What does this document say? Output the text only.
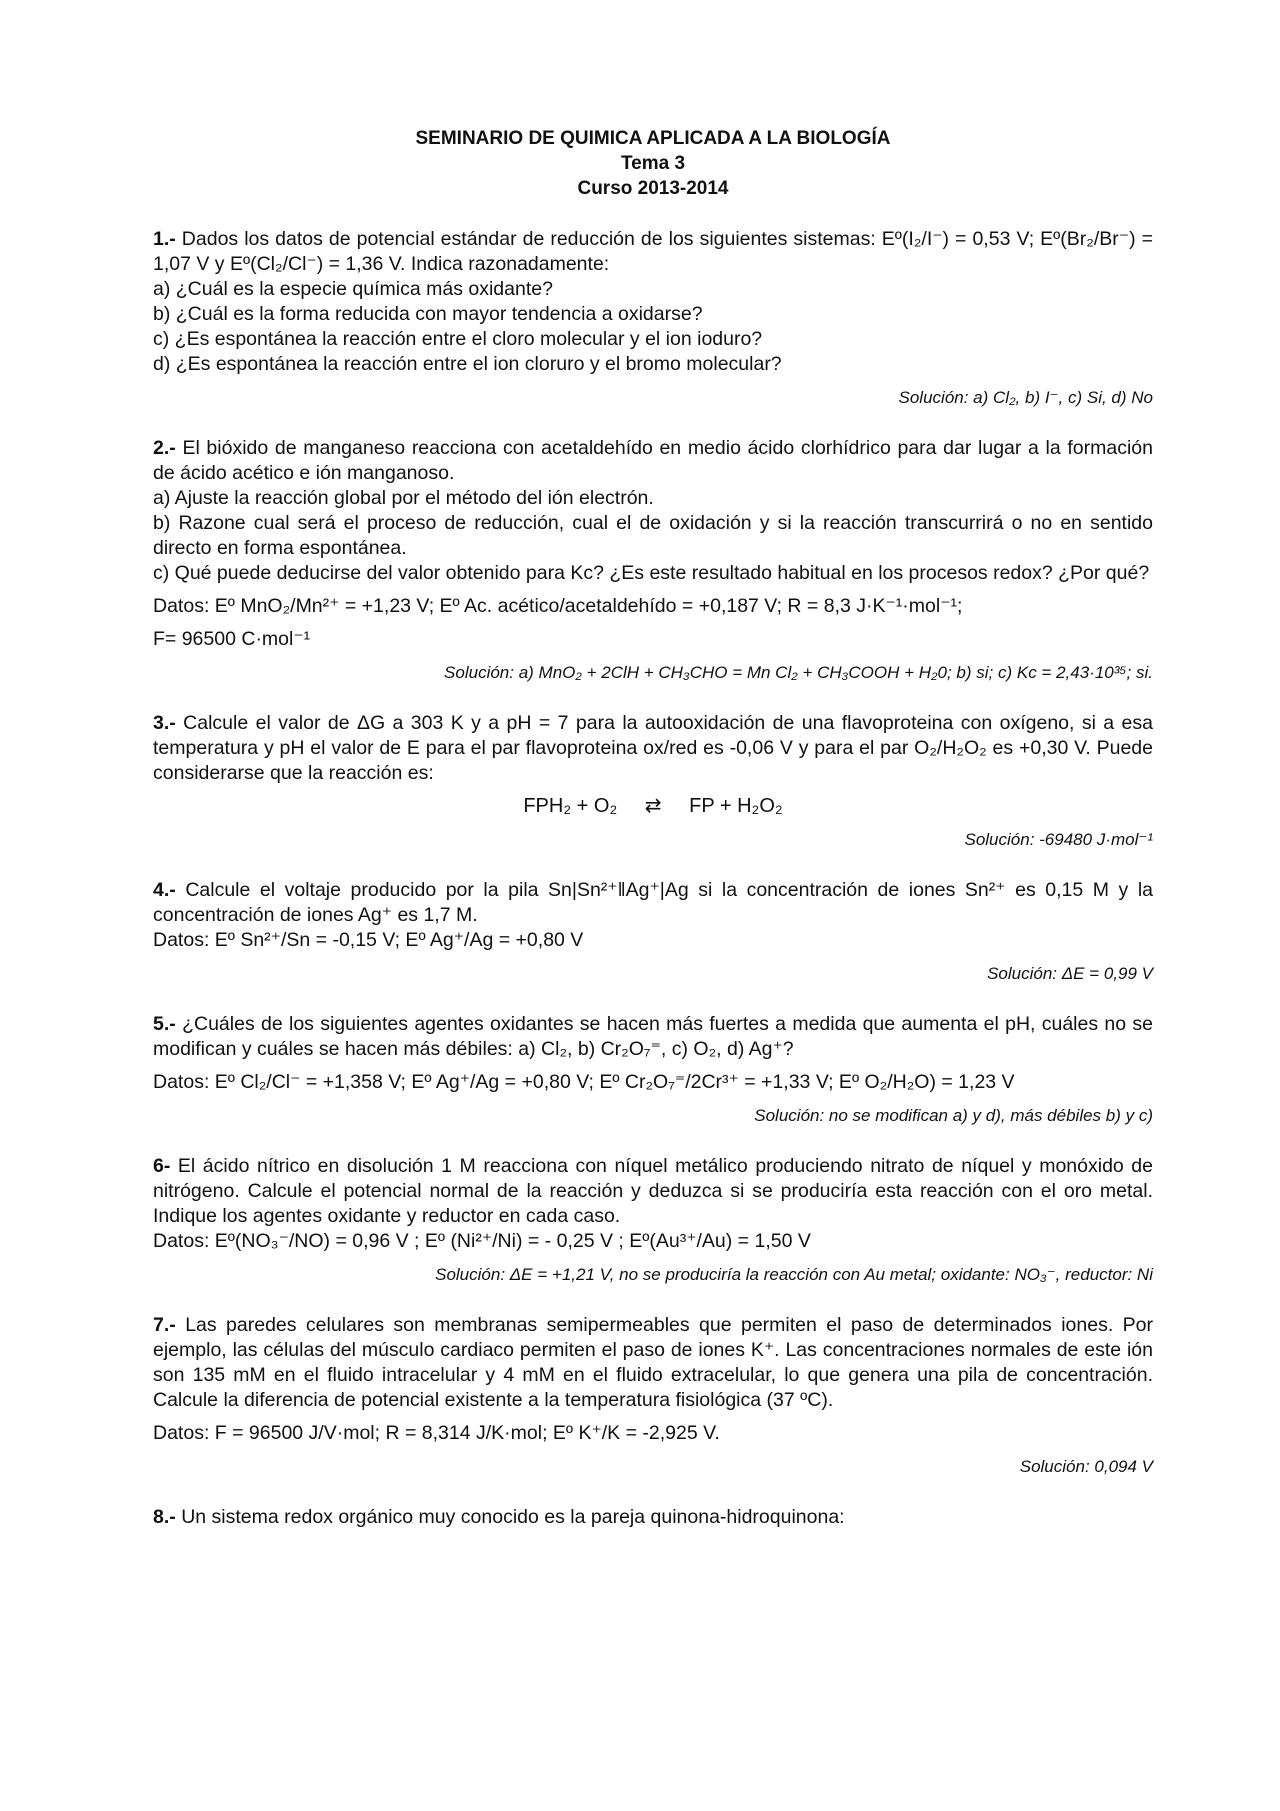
SEMINARIO DE QUIMICA APLICADA A LA BIOLOGÍA
Tema 3
Curso 2013-2014
1.- Dados los datos de potencial estándar de reducción de los siguientes sistemas: Eº(I₂/I⁻) = 0,53 V; Eº(Br₂/Br⁻) = 1,07 V y Eº(Cl₂/Cl⁻) = 1,36 V. Indica razonadamente:
a) ¿Cuál es la especie química más oxidante?
b) ¿Cuál es la forma reducida con mayor tendencia a oxidarse?
c) ¿Es espontánea la reacción entre el cloro molecular y el ion ioduro?
d) ¿Es espontánea la reacción entre el ion cloruro y el bromo molecular?
Solución: a) Cl₂, b) I⁻, c) Si, d) No
2.- El bióxido de manganeso reacciona con acetaldehído en medio ácido clorhídrico para dar lugar a la formación de ácido acético e ión manganoso.
a) Ajuste la reacción global por el método del ión electrón.
b) Razone cual será el proceso de reducción, cual el de oxidación y si la reacción transcurrirá o no en sentido directo en forma espontánea.
c) Qué puede deducirse del valor obtenido para Kc? ¿Es este resultado habitual en los procesos redox? ¿Por qué?
Datos: Eº MnO₂/Mn²⁺ = +1,23 V; Eº Ac. acético/acetaldehído = +0,187 V; R = 8,3 J·K⁻¹·mol⁻¹;
F= 96500 C·mol⁻¹
Solución: a) MnO₂ + 2ClH + CH₃CHO = Mn Cl₂ + CH₃COOH + H₂0; b) si; c) Kc = 2,43·10³⁵; si.
3.- Calcule el valor de ΔG a 303 K y a pH = 7 para la autooxidación de una flavoproteina con oxígeno, si a esa temperatura y pH el valor de E para el par flavoproteina ox/red es -0,06 V y para el par O₂/H₂O₂ es +0,30 V. Puede considerarse que la reacción es:
FPH₂ + O₂ ⇄ FP + H₂O₂
Solución: -69480 J·mol⁻¹
4.- Calcule el voltaje producido por la pila Sn|Sn²⁺‖Ag⁺|Ag si la concentración de iones Sn²⁺ es 0,15 M y la concentración de iones Ag⁺ es 1,7 M.
Datos: Eº Sn²⁺/Sn = -0,15 V; Eº Ag⁺/Ag = +0,80 V
Solución: ΔE = 0,99 V
5.- ¿Cuáles de los siguientes agentes oxidantes se hacen más fuertes a medida que aumenta el pH, cuáles no se modifican y cuáles se hacen más débiles: a) Cl₂, b) Cr₂O₇⁼, c) O₂, d) Ag⁺?
Datos: Eº Cl₂/Cl⁻ = +1,358 V; Eº Ag⁺/Ag = +0,80 V; Eº Cr₂O₇⁼/2Cr³⁺ = +1,33 V; Eº O₂/H₂O) = 1,23 V
Solución: no se modifican a) y d), más débiles b) y c)
6- El ácido nítrico en disolución 1 M reacciona con níquel metálico produciendo nitrato de níquel y monóxido de nitrógeno. Calcule el potencial normal de la reacción y deduzca si se produciría esta reacción con el oro metal. Indique los agentes oxidante y reductor en cada caso.
Datos: Eº(NO₃⁻/NO) = 0,96 V ; Eº (Ni²⁺/Ni) = - 0,25 V ; Eº(Au³⁺/Au) = 1,50 V
Solución: ΔE = +1,21 V, no se produciría la reacción con Au metal; oxidante: NO₃⁻, reductor: Ni
7.- Las paredes celulares son membranas semipermeables que permiten el paso de determinados iones. Por ejemplo, las células del músculo cardiaco permiten el paso de iones K⁺. Las concentraciones normales de este ión son 135 mM en el fluido intracelular y 4 mM en el fluido extracelular, lo que genera una pila de concentración. Calcule la diferencia de potencial existente a la temperatura fisiológica (37 ºC).
Datos: F = 96500 J/V·mol; R = 8,314 J/K·mol; Eº K⁺/K = -2,925 V.
Solución: 0,094 V
8.- Un sistema redox orgánico muy conocido es la pareja quinona-hidroquinona:
